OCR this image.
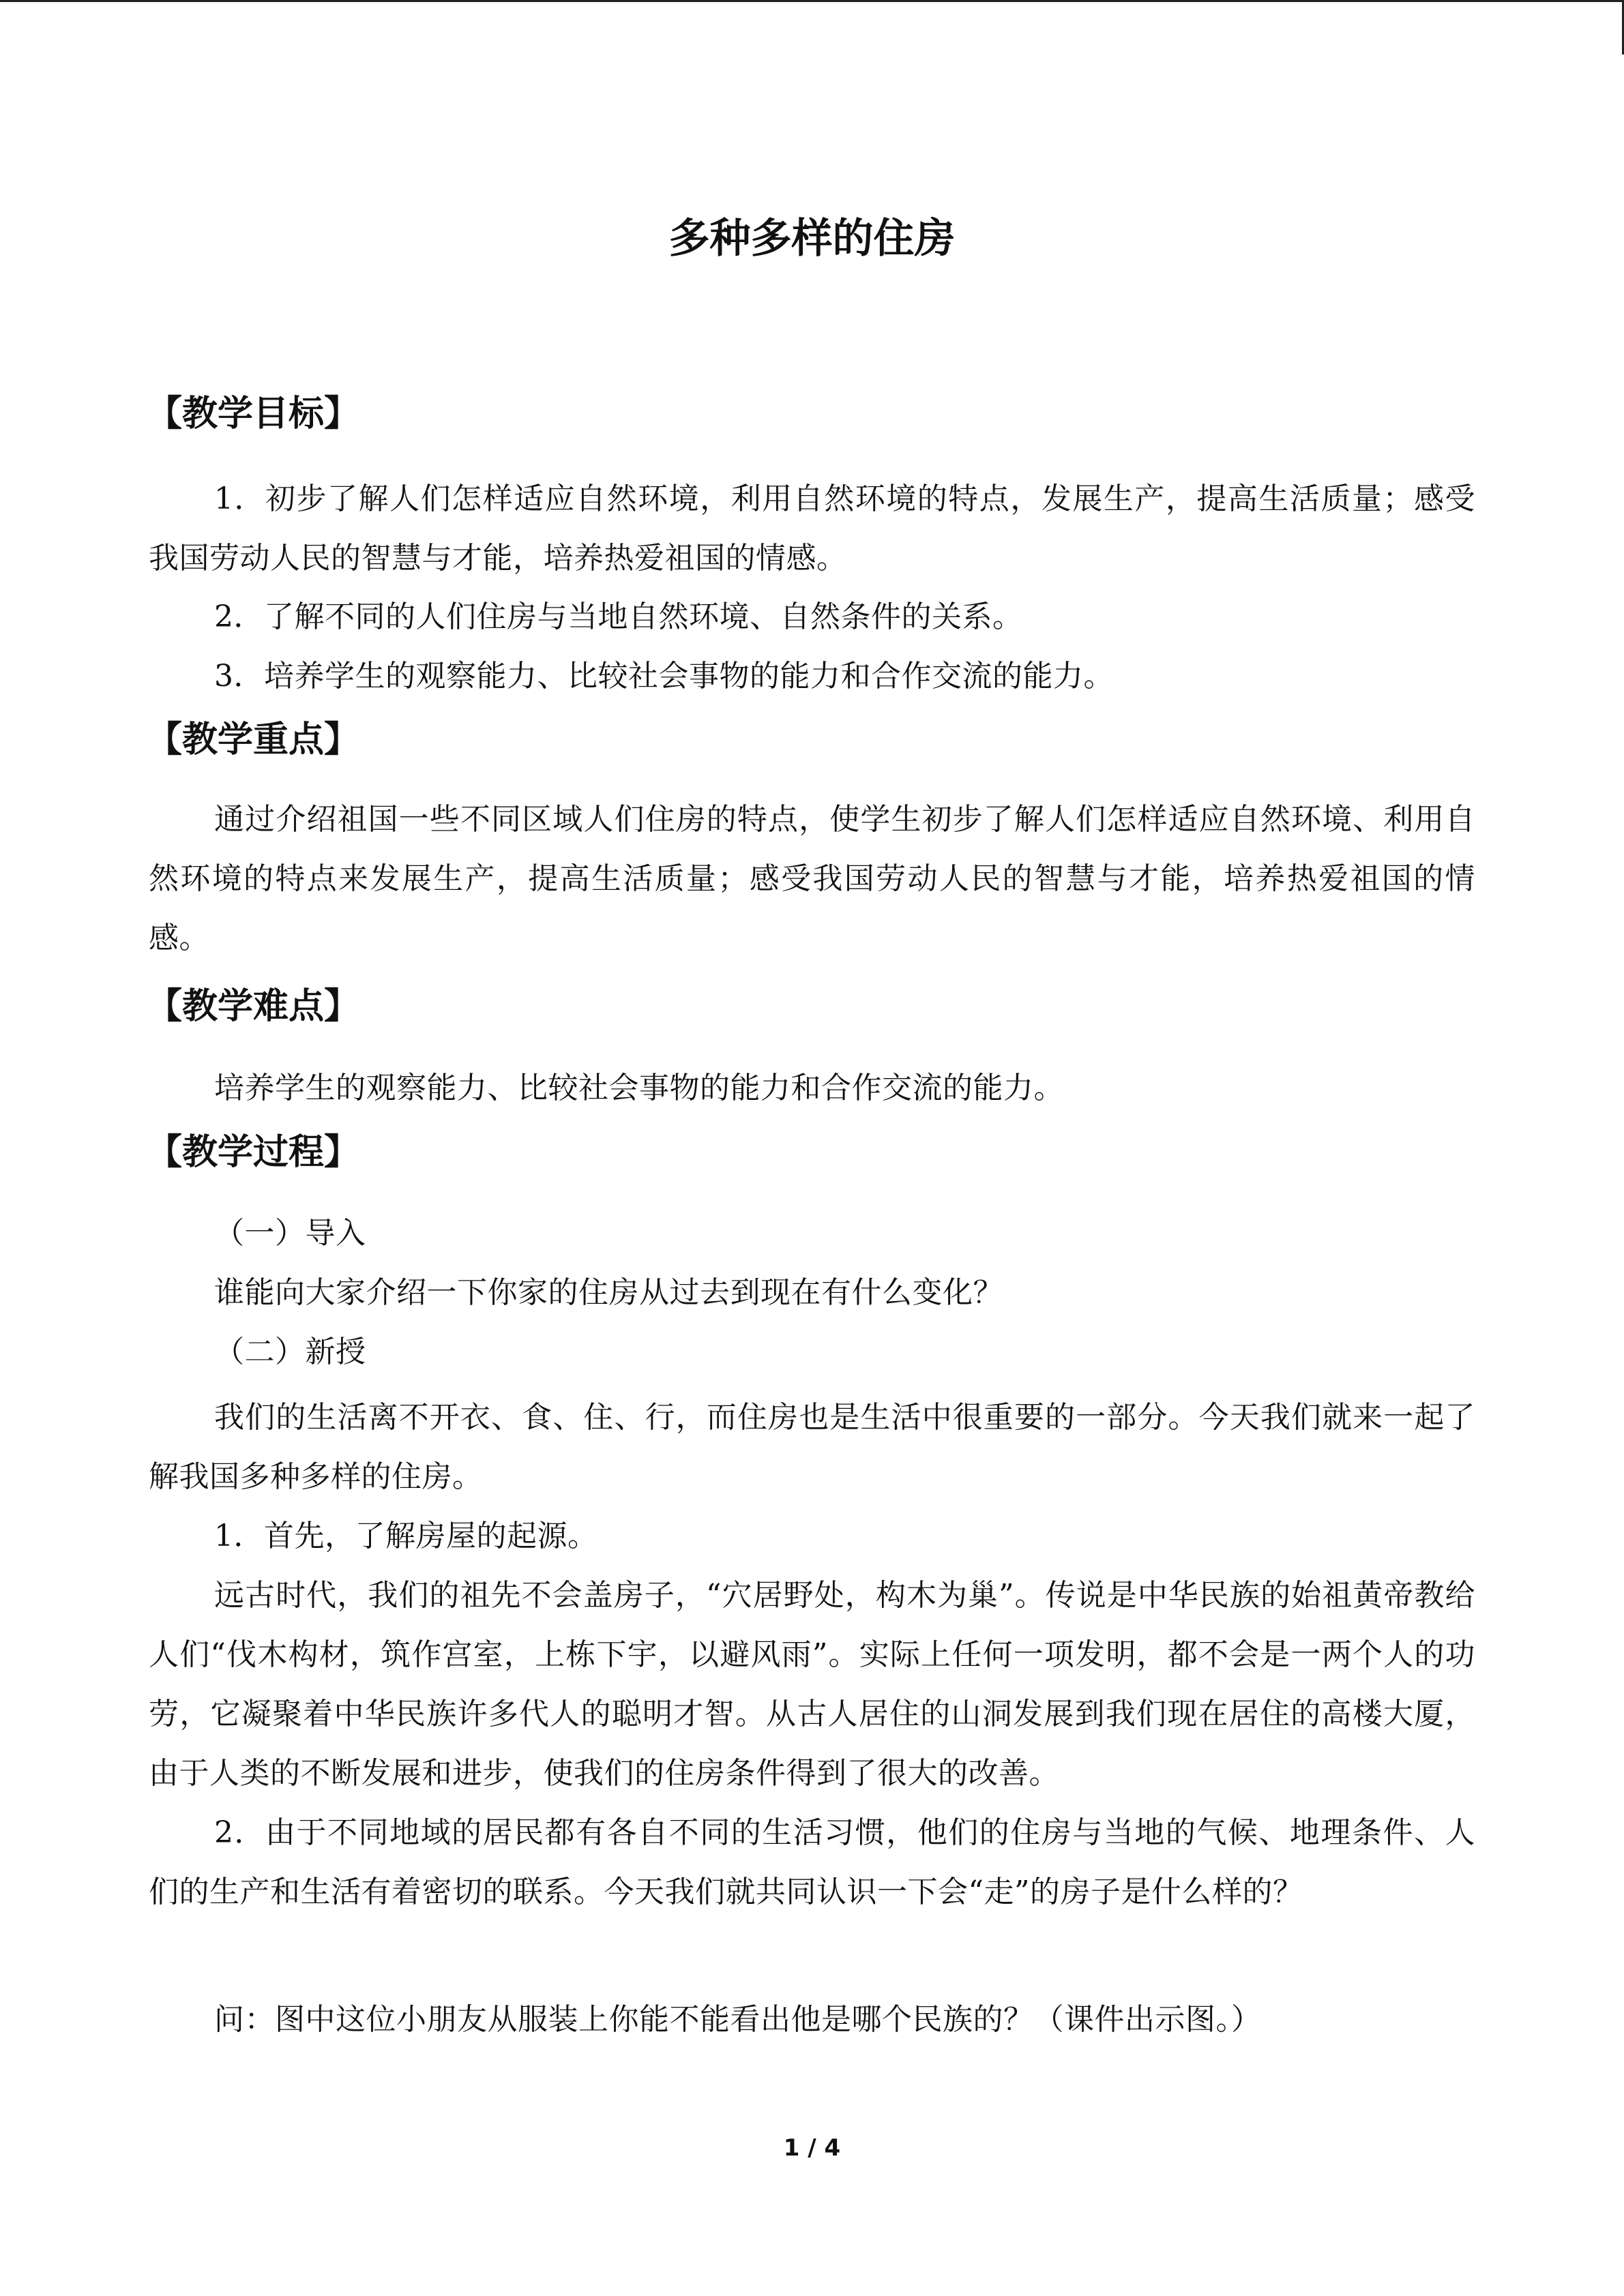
多种多样的住房
【教学目标】
1．初步了解人们怎样适应自然环境，利用自然环境的特点，发展生产，提高生活质量；感受我国劳动人民的智慧与才能，培养热爱祖国的情感。
2．了解不同的人们住房与当地自然环境、自然条件的关系。
3．培养学生的观察能力、比较社会事物的能力和合作交流的能力。
【教学重点】
通过介绍祖国一些不同区域人们住房的特点，使学生初步了解人们怎样适应自然环境、利用自然环境的特点来发展生产，提高生活质量；感受我国劳动人民的智慧与才能，培养热爱祖国的情感。
【教学难点】
培养学生的观察能力、比较社会事物的能力和合作交流的能力。
【教学过程】
（一）导入
谁能向大家介绍一下你家的住房从过去到现在有什么变化？
（二）新授
我们的生活离不开衣、食、住、行，而住房也是生活中很重要的一部分。今天我们就来一起了解我国多种多样的住房。
1．首先，了解房屋的起源。
远古时代，我们的祖先不会盖房子，“穴居野处，构木为巢”。传说是中华民族的始祖黄帝教给人们“伐木构材，筑作宫室，上栋下宇，以避风雨”。实际上任何一项发明，都不会是一两个人的功劳，它凝聚着中华民族许多代人的聪明才智。从古人居住的山洞发展到我们现在居住的高楼大厦，由于人类的不断发展和进步，使我们的住房条件得到了很大的改善。
2．由于不同地域的居民都有各自不同的生活习惯，他们的住房与当地的气候、地理条件、人们的生产和生活有着密切的联系。今天我们就共同认识一下会“走”的房子是什么样的？
问：图中这位小朋友从服装上你能不能看出他是哪个民族的？（课件出示图。）
1 / 4
